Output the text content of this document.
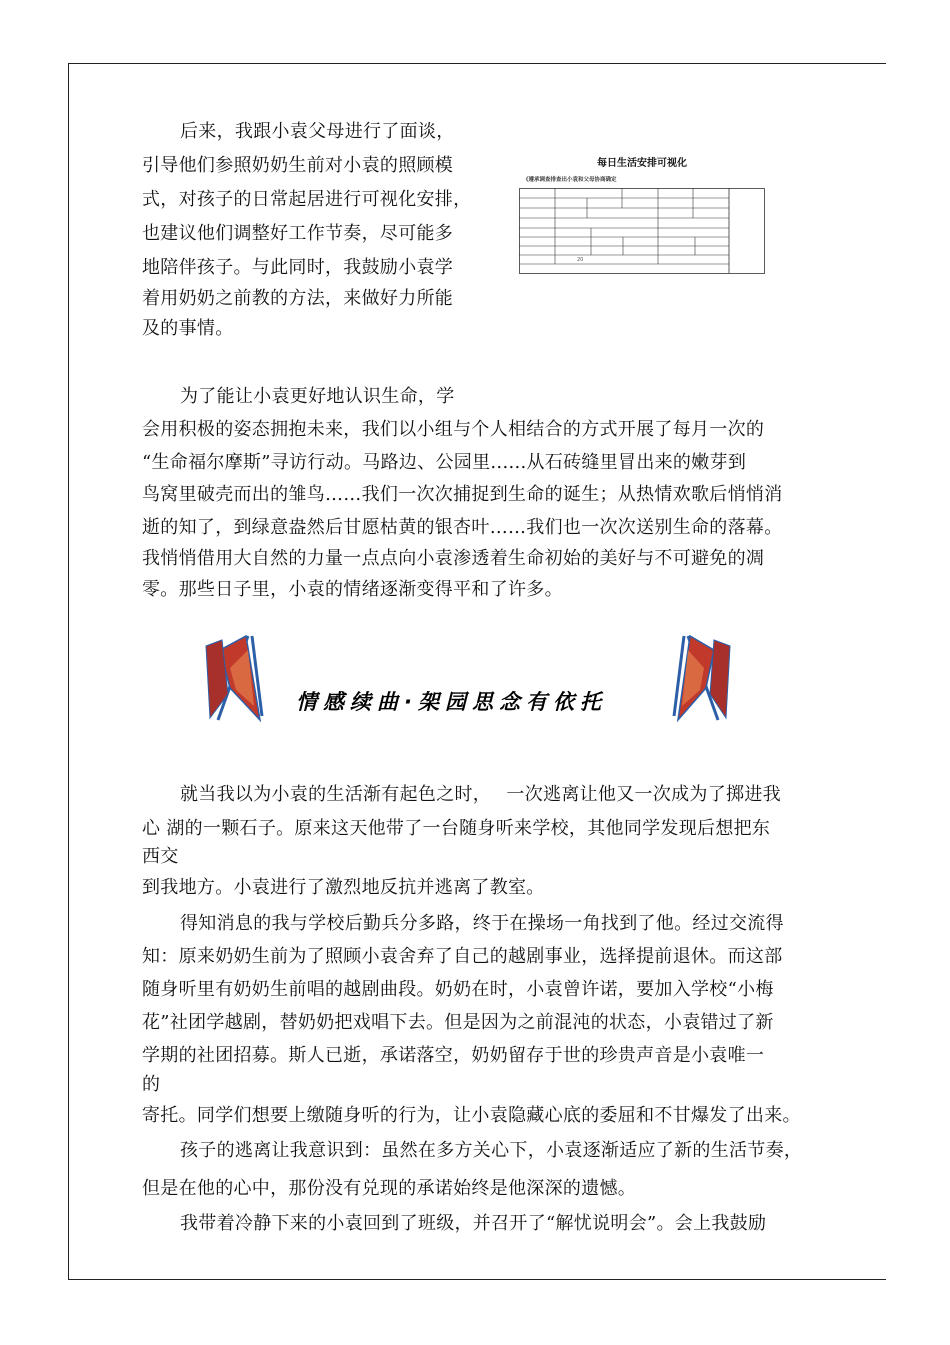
后来，我跟小袁父母进行了面谈，

引导他们参照奶奶生前对小袁的照顾模

式，对孩子的日常起居进行可视化安排，

也建议他们调整好工作节奏，尽可能多

地陪伴孩子。与此同时，我鼓励小袁学

着用奶奶之前教的方法，来做好力所能

及的事情。

每日生活安排可视化
《遵承调查排查出小袁和父母协商确定
20

为了能让小袁更好地认识生命，学

会用积极的姿态拥抱未来，我们以小组与个人相结合的方式开展了每月一次的

“生命福尔摩斯”寻访行动。马路边、公园里......从石砖缝里冒出来的嫩芽到

鸟窝里破壳而出的雏鸟……我们一次次捕捉到生命的诞生；从热情欢歌后悄悄消

逝的知了，到绿意盎然后甘愿枯黄的银杏叶……我们也一次次送别生命的落幕。

我悄悄借用大自然的力量一点点向小袁渗透着生命初始的美好与不可避免的凋

零。那些日子里，小袁的情绪逐渐变得平和了许多。

情感续曲·架园思念有依托

就当我以为小袁的生活渐有起色之时，　 一次逃离让他又一次成为了掷进我

心 湖的一颗石子。原来这天他带了一台随身听来学校，其他同学发现后想把东

西交

到我地方。小袁进行了激烈地反抗并逃离了教室。

得知消息的我与学校后勤兵分多路，终于在操场一角找到了他。经过交流得

知：原来奶奶生前为了照顾小袁舍弃了自己的越剧事业，选择提前退休。而这部

随身听里有奶奶生前唱的越剧曲段。奶奶在时，小袁曾许诺，要加入学校“小梅

花”社团学越剧，替奶奶把戏唱下去。但是因为之前混沌的状态，小袁错过了新

学期的社团招募。斯人已逝，承诺落空，奶奶留存于世的珍贵声音是小袁唯一

的

寄托。同学们想要上缴随身听的行为，让小袁隐藏心底的委屈和不甘爆发了出来。

孩子的逃离让我意识到：虽然在多方关心下，小袁逐渐适应了新的生活节奏，

但是在他的心中，那份没有兑现的承诺始终是他深深的遗憾。

我带着冷静下来的小袁回到了班级，并召开了“解忧说明会”。会上我鼓励
